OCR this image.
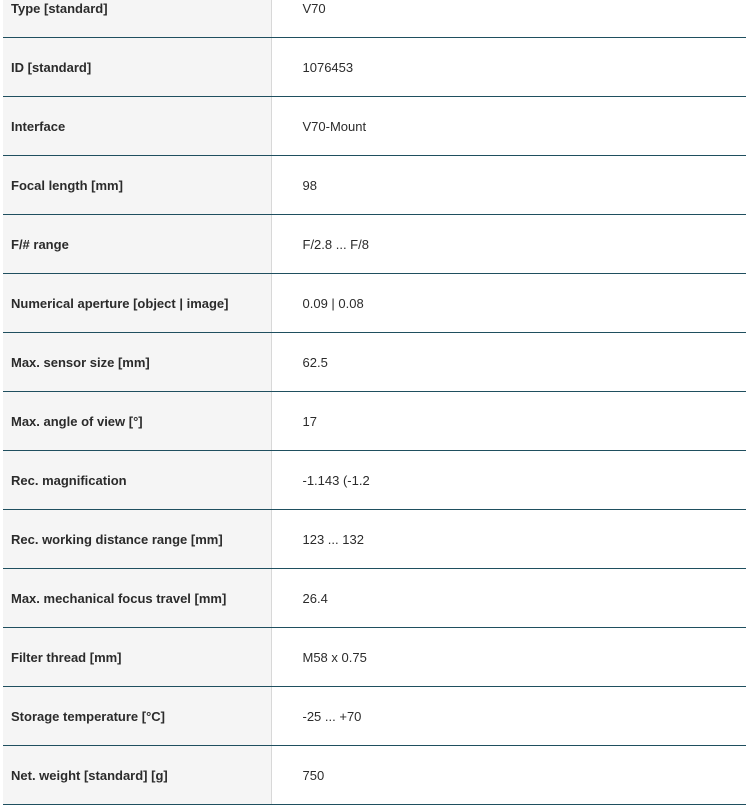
Type [standard]	V70
ID [standard]	1076453
Interface	V70-Mount
Focal length [mm]	98
F/# range	F/2.8 ... F/8
Numerical aperture [object | image]	0.09 | 0.08
Max. sensor size [mm]	62.5
Max. angle of view [°]	17
Rec. magnification	-1.143 (-1.2
Rec. working distance range [mm]	123 ... 132
Max. mechanical focus travel [mm]	26.4
Filter thread [mm]	M58 x 0.75
Storage temperature [°C]	-25 ... +70
Net. weight [standard] [g]	750
